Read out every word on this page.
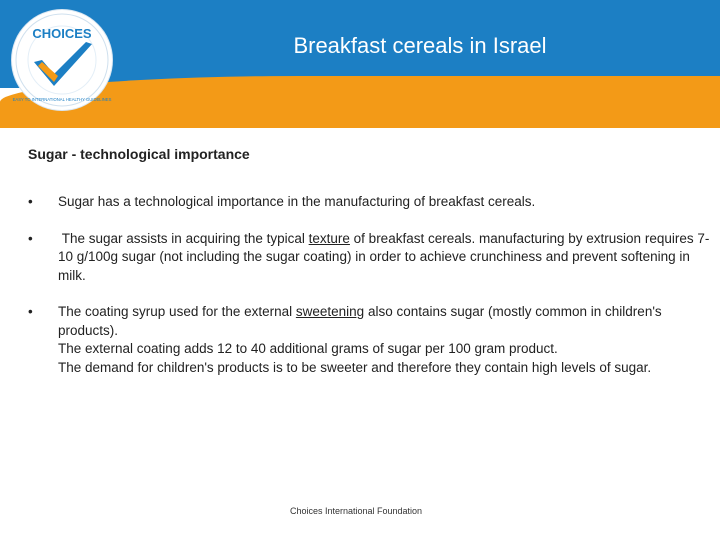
CHOICES
EASY TO INTERNATIONAL HEALTHY GUIDELINES
Breakfast cereals in Israel
Sugar - technological importance
•	Sugar has a technological importance in the manufacturing of breakfast cereals.
•	The sugar assists in acquiring the typical texture of breakfast cereals. manufacturing by extrusion requires 7-10 g/100g sugar (not including the sugar coating) in order to achieve crunchiness and prevent softening in milk.
•	The coating syrup used for the external sweetening also contains sugar (mostly common in children's products).
The external coating adds 12 to 40 additional grams of sugar per 100 gram product.
The demand for children's products is to be sweeter and therefore they contain high levels of sugar.
Choices International Foundation
